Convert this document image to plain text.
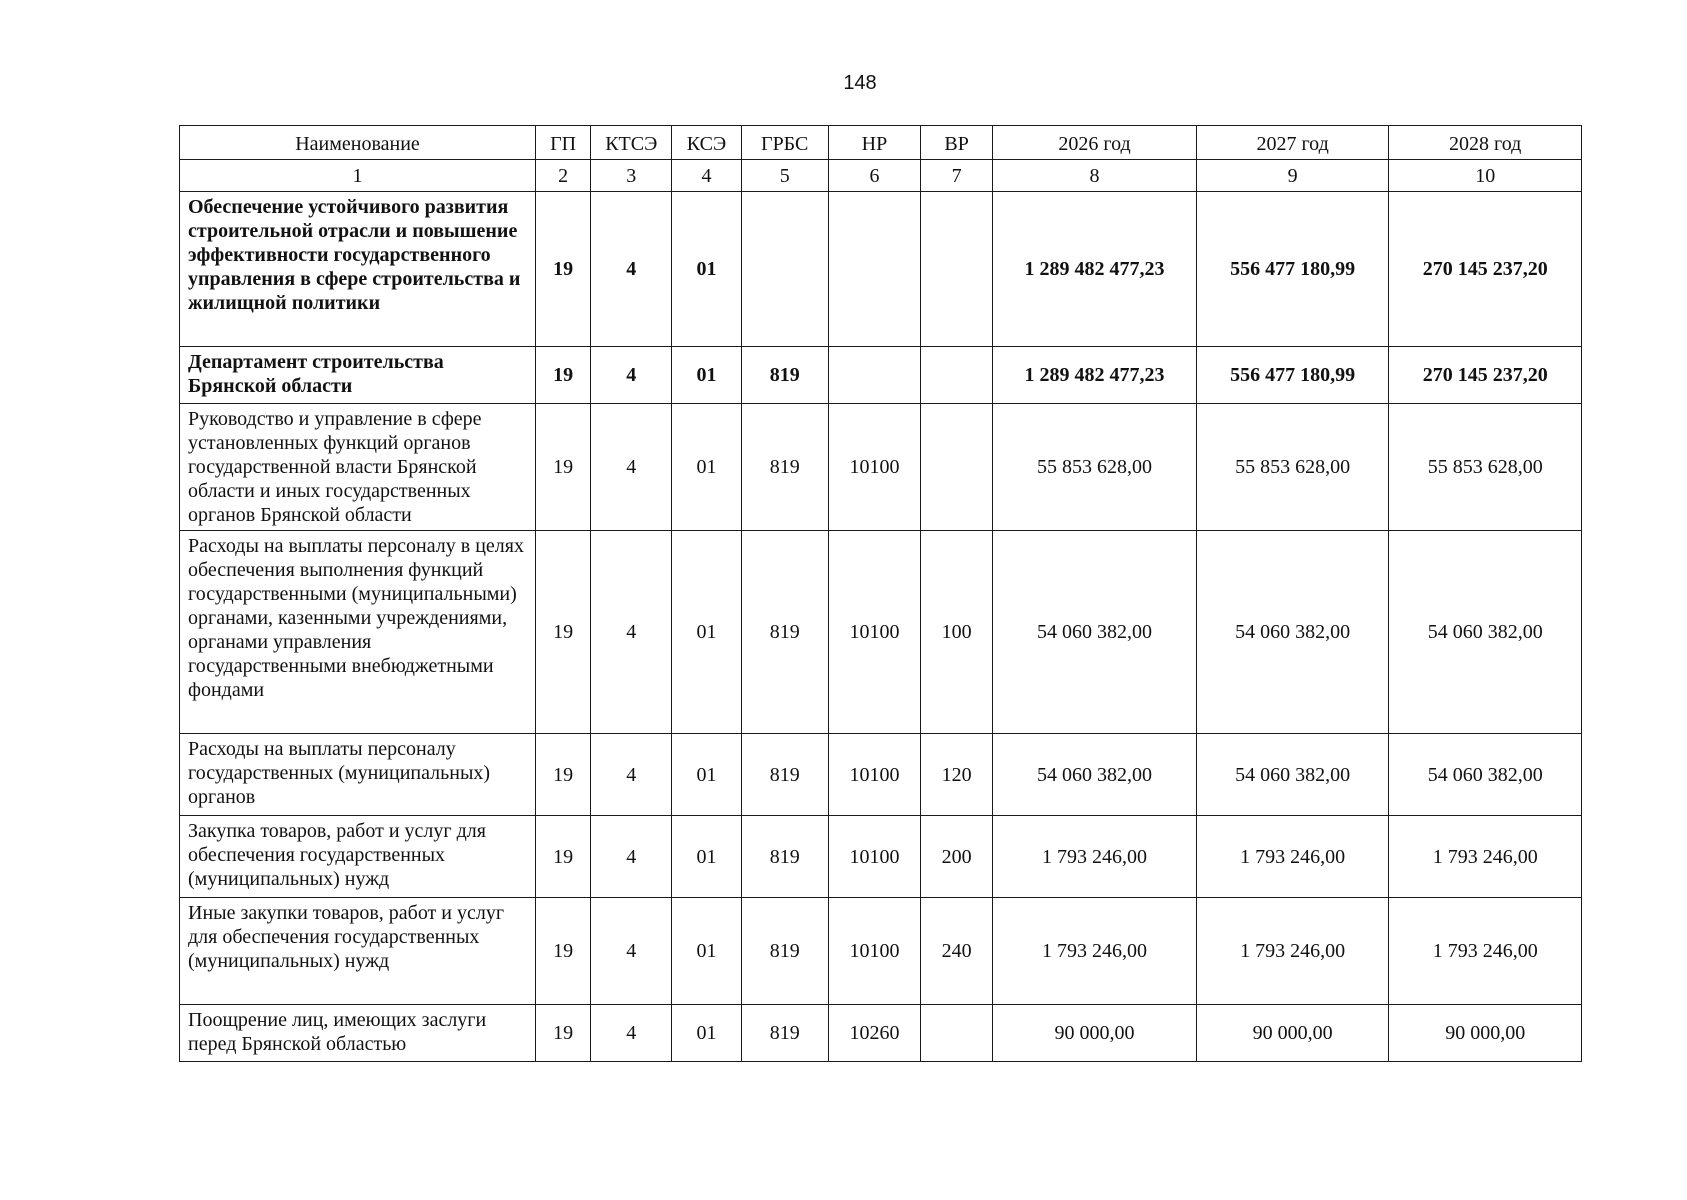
148
Наименование	ГП	КТСЭ	КСЭ	ГРБС	НР	ВР	2026 год	2027 год	2028 год
1	2	3	4	5	6	7	8	9	10
Обеспечение устойчивого развития строительной отрасли и повышение эффективности государственного управления в сфере строительства и жилищной политики	19	4	01				1 289 482 477,23	556 477 180,99	270 145 237,20
Департамент строительства Брянской области	19	4	01	819			1 289 482 477,23	556 477 180,99	270 145 237,20
Руководство и управление в сфере установленных функций органов государственной власти Брянской области и иных государственных органов Брянской области	19	4	01	819	10100		55 853 628,00	55 853 628,00	55 853 628,00
Расходы на выплаты персоналу в целях обеспечения выполнения функций государственными (муниципальными) органами, казенными учреждениями, органами управления государственными внебюджетными фондами	19	4	01	819	10100	100	54 060 382,00	54 060 382,00	54 060 382,00
Расходы на выплаты персоналу государственных (муниципальных) органов	19	4	01	819	10100	120	54 060 382,00	54 060 382,00	54 060 382,00
Закупка товаров, работ и услуг для обеспечения государственных (муниципальных) нужд	19	4	01	819	10100	200	1 793 246,00	1 793 246,00	1 793 246,00
Иные закупки товаров, работ и услуг для обеспечения государственных (муниципальных) нужд	19	4	01	819	10100	240	1 793 246,00	1 793 246,00	1 793 246,00
Поощрение лиц, имеющих заслуги перед Брянской областью	19	4	01	819	10260		90 000,00	90 000,00	90 000,00
